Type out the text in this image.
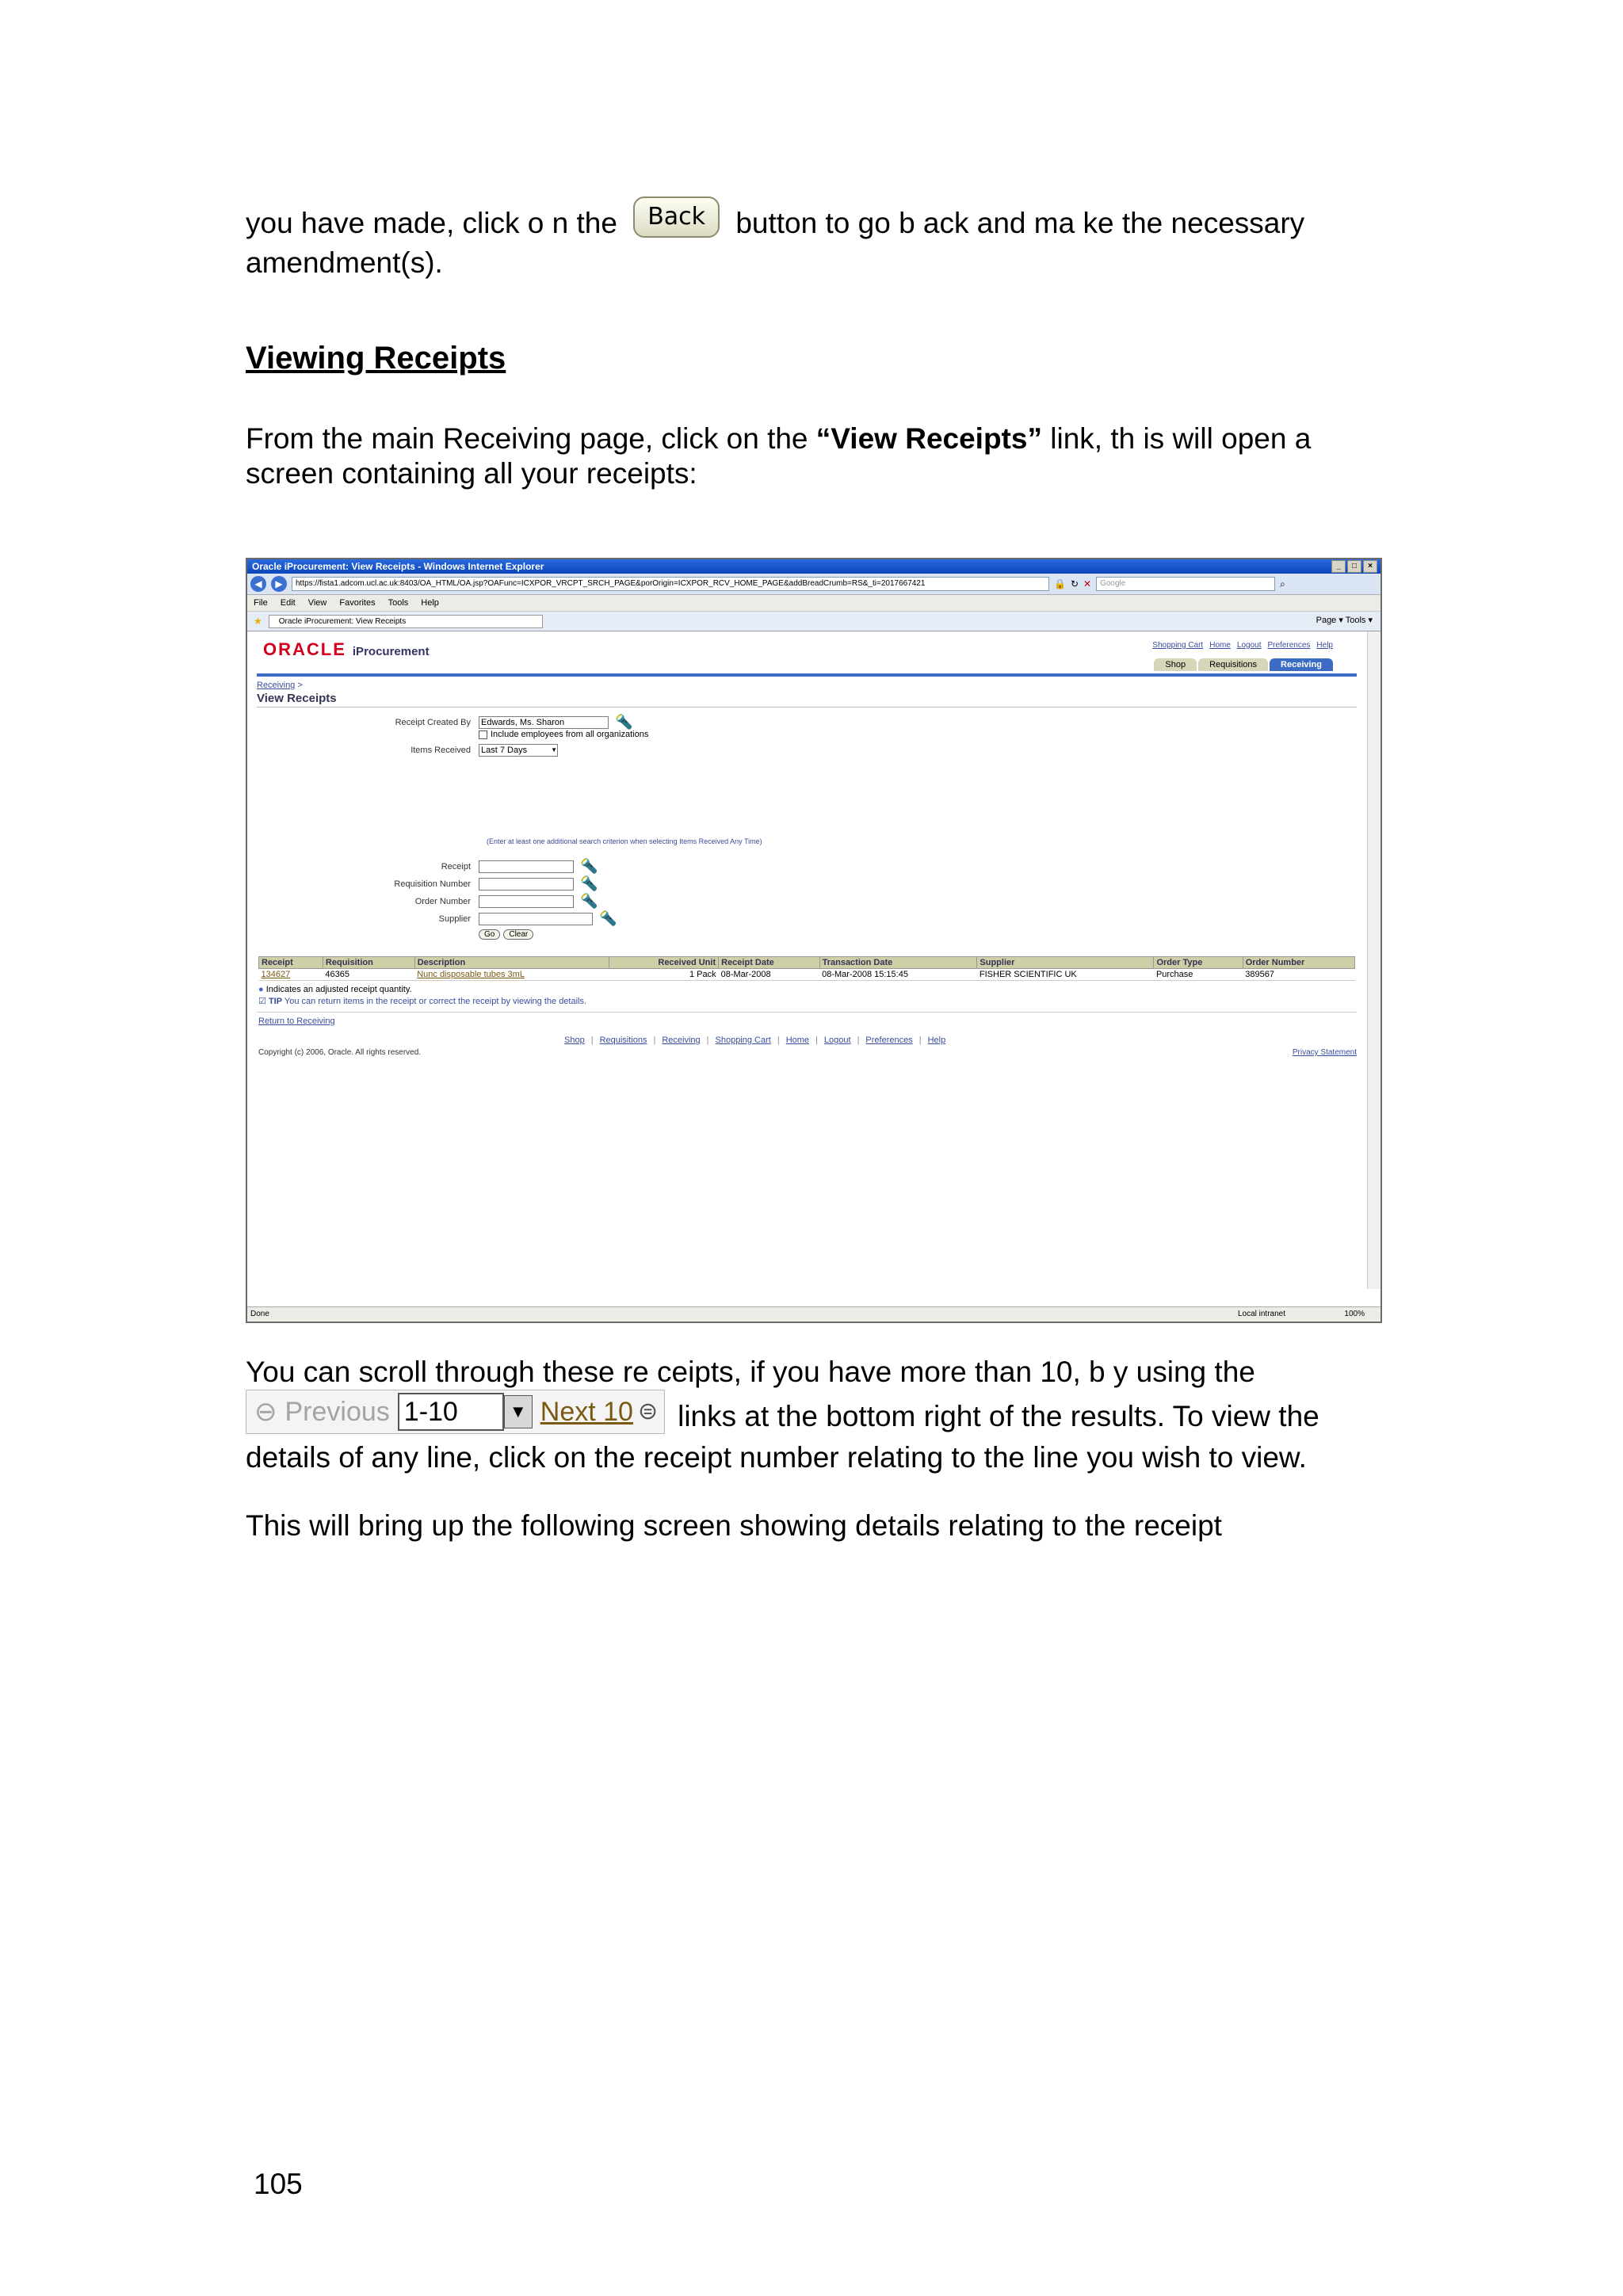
you have made, click o n the Back button to go b ack and ma ke the necessary amendment(s).
Viewing Receipts
From the main Receiving page, click on the “View Receipts” link, th is will open a screen containing all your receipts:
Oracle iProcurement: View Receipts - Windows Internet Explorer	_	□	×
◀	▶	https://fista1.adcom.ucl.ac.uk:8403/OA_HTML/OA.jsp?OAFunc=ICXPOR_VRCPT_SRCH_PAGE&porOrigin=ICXPOR_RCV_HOME_PAGE&addBreadCrumb=RS&_ti=2017667421	🔒 ↻ ✕	Google	⌕
File Edit View Favorites Tools Help
★	Oracle iProcurement: View Receipts	Page ▾ Tools ▾
ORACLE iProcurement	Shopping Cart Home Logout Preferences Help
Shop	Requisitions	Receiving
Receiving >
View Receipts
Receipt Created By	Edwards, Ms. Sharon	🔦
Include employees from all organizations
Items Received	Last 7 Days	▼
(Enter at least one additional search criterion when selecting Items Received Any Time)
Receipt	🔦
Requisition Number	🔦
Order Number	🔦
Supplier	🔦
Go	Clear
Receipt	Requisition	Description	Received Unit	Receipt Date	Transaction Date	Supplier	Order Type	Order Number
134627	46365	Nunc disposable tubes 3mL	1 Pack	08-Mar-2008	08-Mar-2008 15:15:45	FISHER SCIENTIFIC UK	Purchase	389567
● Indicates an adjusted receipt quantity.
☑ TIP You can return items in the receipt or correct the receipt by viewing the details.
Return to Receiving
Shop | Requisitions | Receiving | Shopping Cart | Home | Logout | Preferences | Help
Copyright (c) 2006, Oracle. All rights reserved.	Privacy Statement
Done	Local intranet	100%
You can scroll through these re ceipts, if you have more than 10, b y using the
⊖ Previous 1-10	▼ Next 10 ⊜ links at the bottom right of the results. To view the details of any line, click on the receipt number relating to the line you wish to view.
This will bring up the following screen showing details relating to the receipt
105
